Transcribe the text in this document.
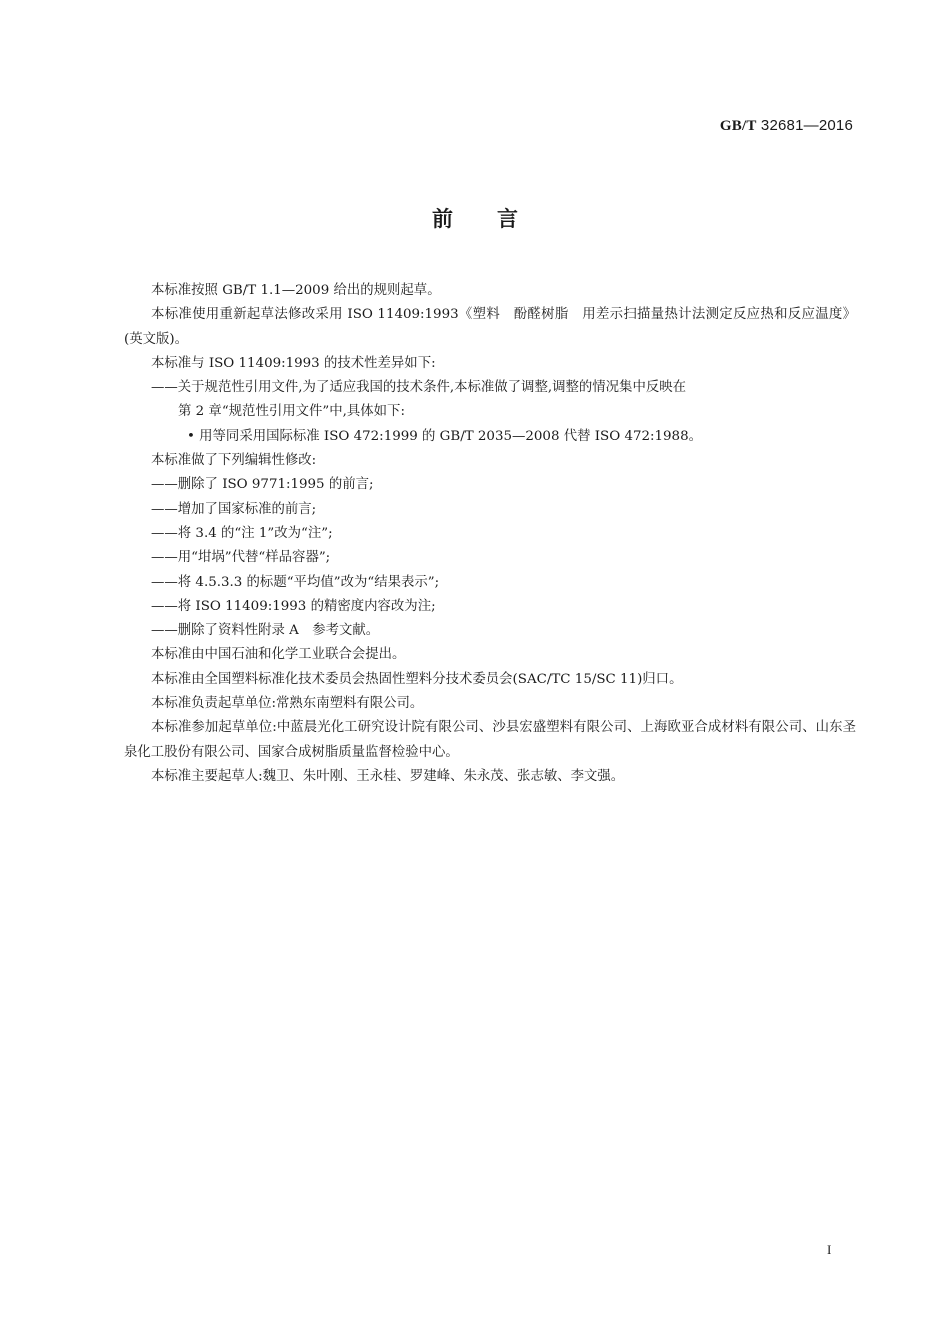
GB/T 32681—2016
前言

本标准按照 GB/T 1.1—2009 给出的规则起草。

本标准使用重新起草法修改采用 ISO 11409:1993《塑料　酚醛树脂　用差示扫描量热计法测定反应热和反应温度》(英文版)。

本标准与 ISO 11409:1993 的技术性差异如下:

——关于规范性引用文件,为了适应我国的技术条件,本标准做了调整,调整的情况集中反映在

第 2 章“规范性引用文件”中,具体如下:

• 用等同采用国际标准 ISO 472:1999 的 GB/T 2035—2008 代替 ISO 472:1988。

本标准做了下列编辑性修改:

——删除了 ISO 9771:1995 的前言;

——增加了国家标准的前言;

——将 3.4 的“注 1”改为“注”;

——用“坩埚”代替“样品容器”;

——将 4.5.3.3 的标题“平均值”改为“结果表示”;

——将 ISO 11409:1993 的精密度内容改为注;

——删除了资料性附录 A　参考文献。

本标准由中国石油和化学工业联合会提出。

本标准由全国塑料标准化技术委员会热固性塑料分技术委员会(SAC/TC 15/SC 11)归口。

本标准负责起草单位:常熟东南塑料有限公司。

本标准参加起草单位:中蓝晨光化工研究设计院有限公司、沙县宏盛塑料有限公司、上海欧亚合成材料有限公司、山东圣泉化工股份有限公司、国家合成树脂质量监督检验中心。

本标准主要起草人:魏卫、朱叶刚、王永桂、罗建峰、朱永茂、张志敏、李文强。

I
